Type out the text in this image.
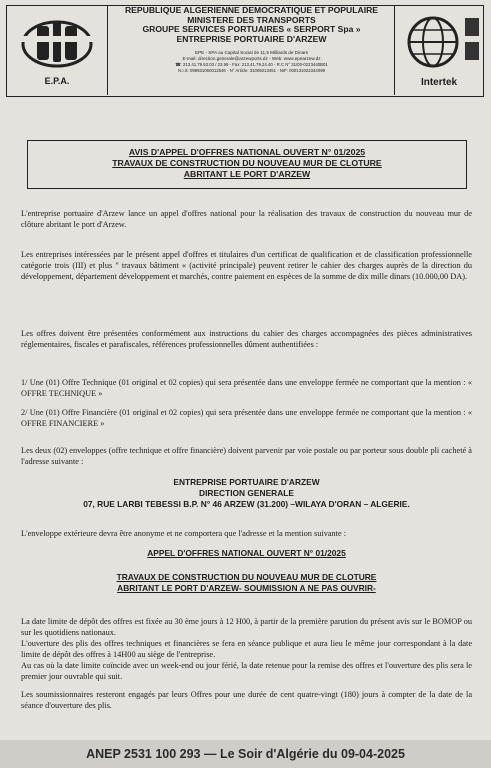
E.P.A.
REPUBLIQUE ALGERIENNE DEMOCRATIQUE ET POPULAIRE
MINISTERE DES TRANSPORTS
GROUPE SERVICES PORTUAIRES « SERPORT Spa »
ENTREPRISE PORTUAIRE D'ARZEW
EPE - SPA au Capital Social de 11,5 Milliards de Dinars
E-mail: direction.generale@arzewports.dz - Web: www.epearzew.dz
☎: 213.41.79.53.03 / 23.99 - Fax: 213.41.79.24.40 - R.C N° 31/00-0223440B01
N.I.S: 099931060012546 - N° Article: 31006013451 - NIF: 000131022344099
Intertek
AVIS D'APPEL D'OFFRES NATIONAL OUVERT N° 01/2025
TRAVAUX DE CONSTRUCTION DU NOUVEAU MUR DE CLOTURE
ABRITANT LE PORT D'ARZEW
L'entreprise portuaire d'Arzew lance un appel d'offres national pour la réalisation des travaux de construction du nouveau mur de clôture abritant le port d'Arzew.
Les entreprises intéressées par le présent appel d'offres et titulaires d'un certificat de qualification et de classification professionnelle catégorie trois (III) et plus " travaux bâtiment « (activité principale) peuvent retirer le cahier des charges auprès de la direction du développement, département développement et marchés, contre paiement en espèces de la somme de dix mille dinars (10.000,00 DA).
Les offres doivent être présentées conformément aux instructions du cahier des charges accompagnées des pièces administratives réglementaires, fiscales et parafiscales, références professionnelles dûment authentifiées :
1/ Une (01) Offre Technique (01 original et 02 copies) qui sera présentée dans une enveloppe fermée ne comportant que la mention : « OFFRE TECHNIQUE »
2/ Une (01) Offre Financière (01 original et 02 copies) qui sera présentée dans une enveloppe fermée ne comportant que la mention : « OFFRE FINANCIERE »
Les deux (02) enveloppes (offre technique et offre financière) doivent parvenir par voie postale ou par porteur sous double pli cacheté à l'adresse suivante :
ENTREPRISE PORTUAIRE D'ARZEW
DIRECTION GENERALE
07, RUE LARBI TEBESSI B.P. N° 46 ARZEW (31.200) –WILAYA D'ORAN – ALGERIE.
L'enveloppe extérieure devra être anonyme et ne comportera que l'adresse et la mention suivante :
APPEL D'OFFRES NATIONAL OUVERT N° 01/2025
TRAVAUX DE CONSTRUCTION DU NOUVEAU MUR DE CLOTURE
ABRITANT LE PORT D'ARZEW- SOUMISSION A NE PAS OUVRIR-
La date limite de dépôt des offres est fixée au 30 ème jours à 12 H00, à partir de la première parution du présent avis sur le BOMOP ou sur les quotidiens nationaux.
L'ouverture des plis des offres techniques et financières se fera en séance publique et aura lieu le même jour correspondant à la date limite de dépôt des offres à 14H00 au siège de l'entreprise.
Au cas où la date limite coïncide avec un week-end ou jour férié, la date retenue pour la remise des offres et l'ouverture des plis sera le premier jour ouvrable qui suit.
Les soumissionnaires resteront engagés par leurs Offres pour une durée de cent quatre-vingt (180) jours à compter de la date de la séance d'ouverture des plis.
ANEP 2531 100 293 — Le Soir d'Algérie du 09-04-2025
